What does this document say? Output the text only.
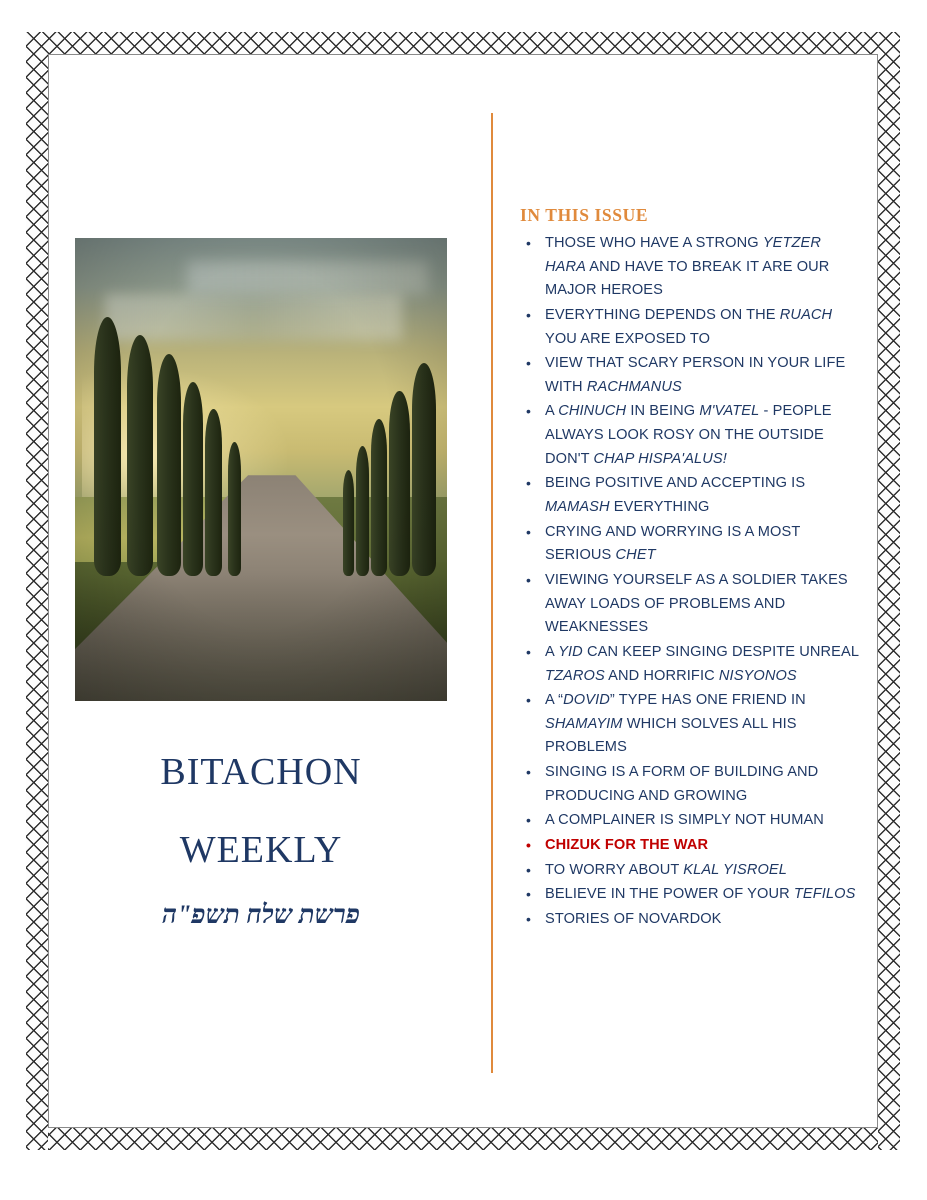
bitachon
weekly
פרשת שלח תשפ"ה
IN THIS ISSUE
• THOSE WHO HAVE A STRONG YETZER HARA AND HAVE TO BREAK IT ARE OUR MAJOR HEROES
• EVERYTHING DEPENDS ON THE RUACH YOU ARE EXPOSED TO
• VIEW THAT SCARY PERSON IN YOUR LIFE WITH RACHMANUS
• A CHINUCH IN BEING M'VATEL - PEOPLE ALWAYS LOOK ROSY ON THE OUTSIDE DON'T CHAP HISPA'ALUS!
• BEING POSITIVE AND ACCEPTING IS MAMASH EVERYTHING
• CRYING AND WORRYING IS A MOST SERIOUS CHET
• VIEWING YOURSELF AS A SOLDIER TAKES AWAY LOADS OF PROBLEMS AND WEAKNESSES
• A YID CAN KEEP SINGING DESPITE UNREAL TZAROS AND HORRIFIC NISYONOS
• A “DOVID” TYPE HAS ONE FRIEND IN SHAMAYIM WHICH SOLVES ALL HIS PROBLEMS
• SINGING IS A FORM OF BUILDING AND PRODUCING AND GROWING
• A COMPLAINER IS SIMPLY NOT HUMAN
• CHIZUK FOR THE WAR
• TO WORRY ABOUT KLAL YISROEL
• BELIEVE IN THE POWER OF YOUR TEFILOS
• STORIES OF NOVARDOK
